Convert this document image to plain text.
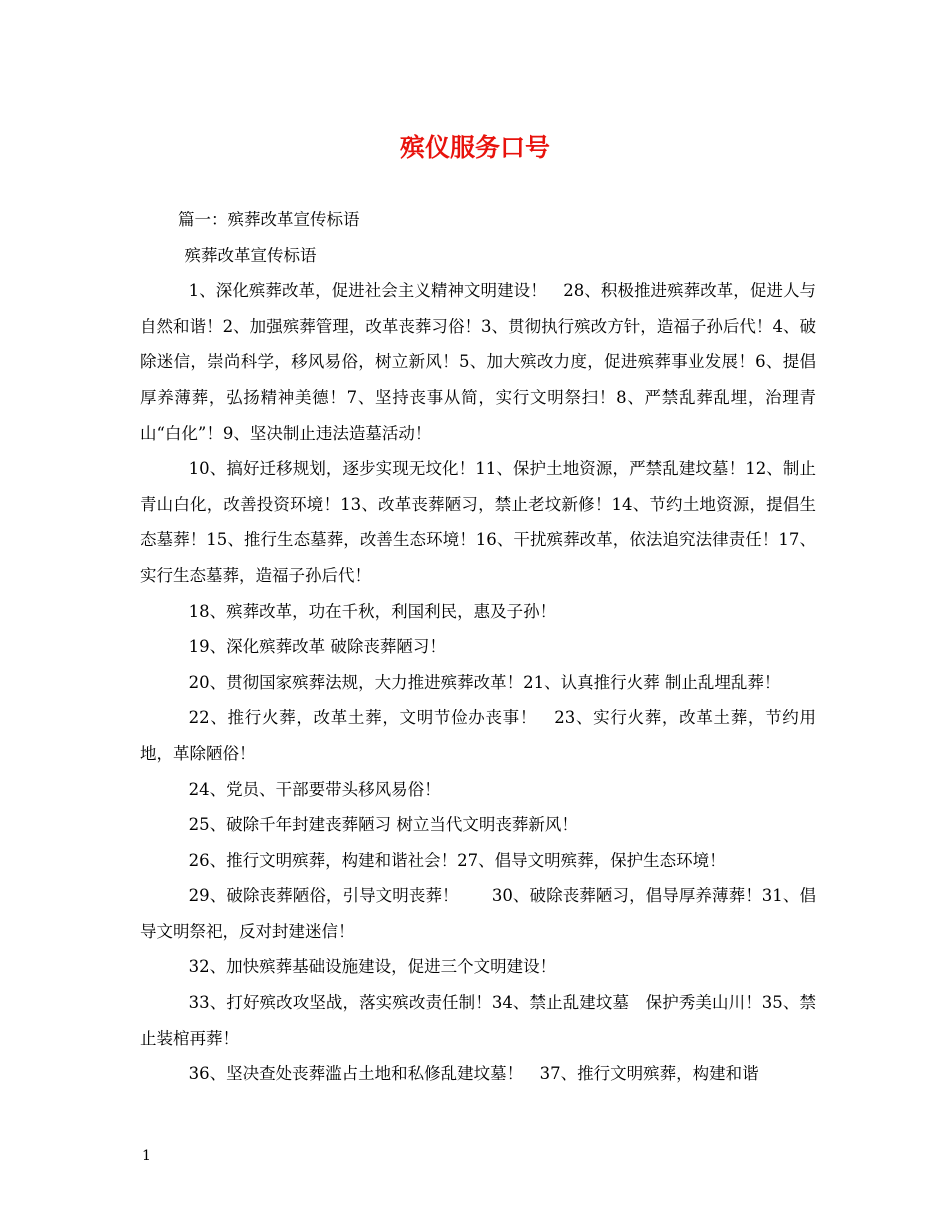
殡仪服务口号

篇一：殡葬改革宣传标语

殡葬改革宣传标语

1、深化殡葬改革，促进社会主义精神文明建设！　28、积极推进殡葬改革，促进人与自然和谐！2、加强殡葬管理，改革丧葬习俗！3、贯彻执行殡改方针，造福子孙后代！4、破除迷信，崇尚科学，移风易俗，树立新风！5、加大殡改力度，促进殡葬事业发展！6、提倡厚养薄葬，弘扬精神美德！7、坚持丧事从简，实行文明祭扫！8、严禁乱葬乱埋，治理青山“白化”！9、坚决制止违法造墓活动！

10、搞好迁移规划，逐步实现无坟化！11、保护土地资源，严禁乱建坟墓！12、制止青山白化，改善投资环境！13、改革丧葬陋习，禁止老坟新修！14、节约土地资源，提倡生态墓葬！15、推行生态墓葬，改善生态环境！16、干扰殡葬改革，依法追究法律责任！17、实行生态墓葬，造福子孙后代！

18、殡葬改革，功在千秋，利国利民，惠及子孙！

19、深化殡葬改革 破除丧葬陋习！

20、贯彻国家殡葬法规，大力推进殡葬改革！21、认真推行火葬 制止乱埋乱葬！

22、推行火葬，改革土葬，文明节俭办丧事！　23、实行火葬，改革土葬，节约用地，革除陋俗！

24、党员、干部要带头移风易俗！

25、破除千年封建丧葬陋习 树立当代文明丧葬新风！

26、推行文明殡葬，构建和谐社会！27、倡导文明殡葬，保护生态环境！

29、破除丧葬陋俗，引导文明丧葬！　　30、破除丧葬陋习，倡导厚养薄葬！31、倡导文明祭祀，反对封建迷信！

32、加快殡葬基础设施建设，促进三个文明建设！

33、打好殡改攻坚战，落实殡改责任制！34、禁止乱建坟墓　保护秀美山川！35、禁止装棺再葬！

36、坚决查处丧葬滥占土地和私修乱建坟墓！　37、推行文明殡葬，构建和谐

1
